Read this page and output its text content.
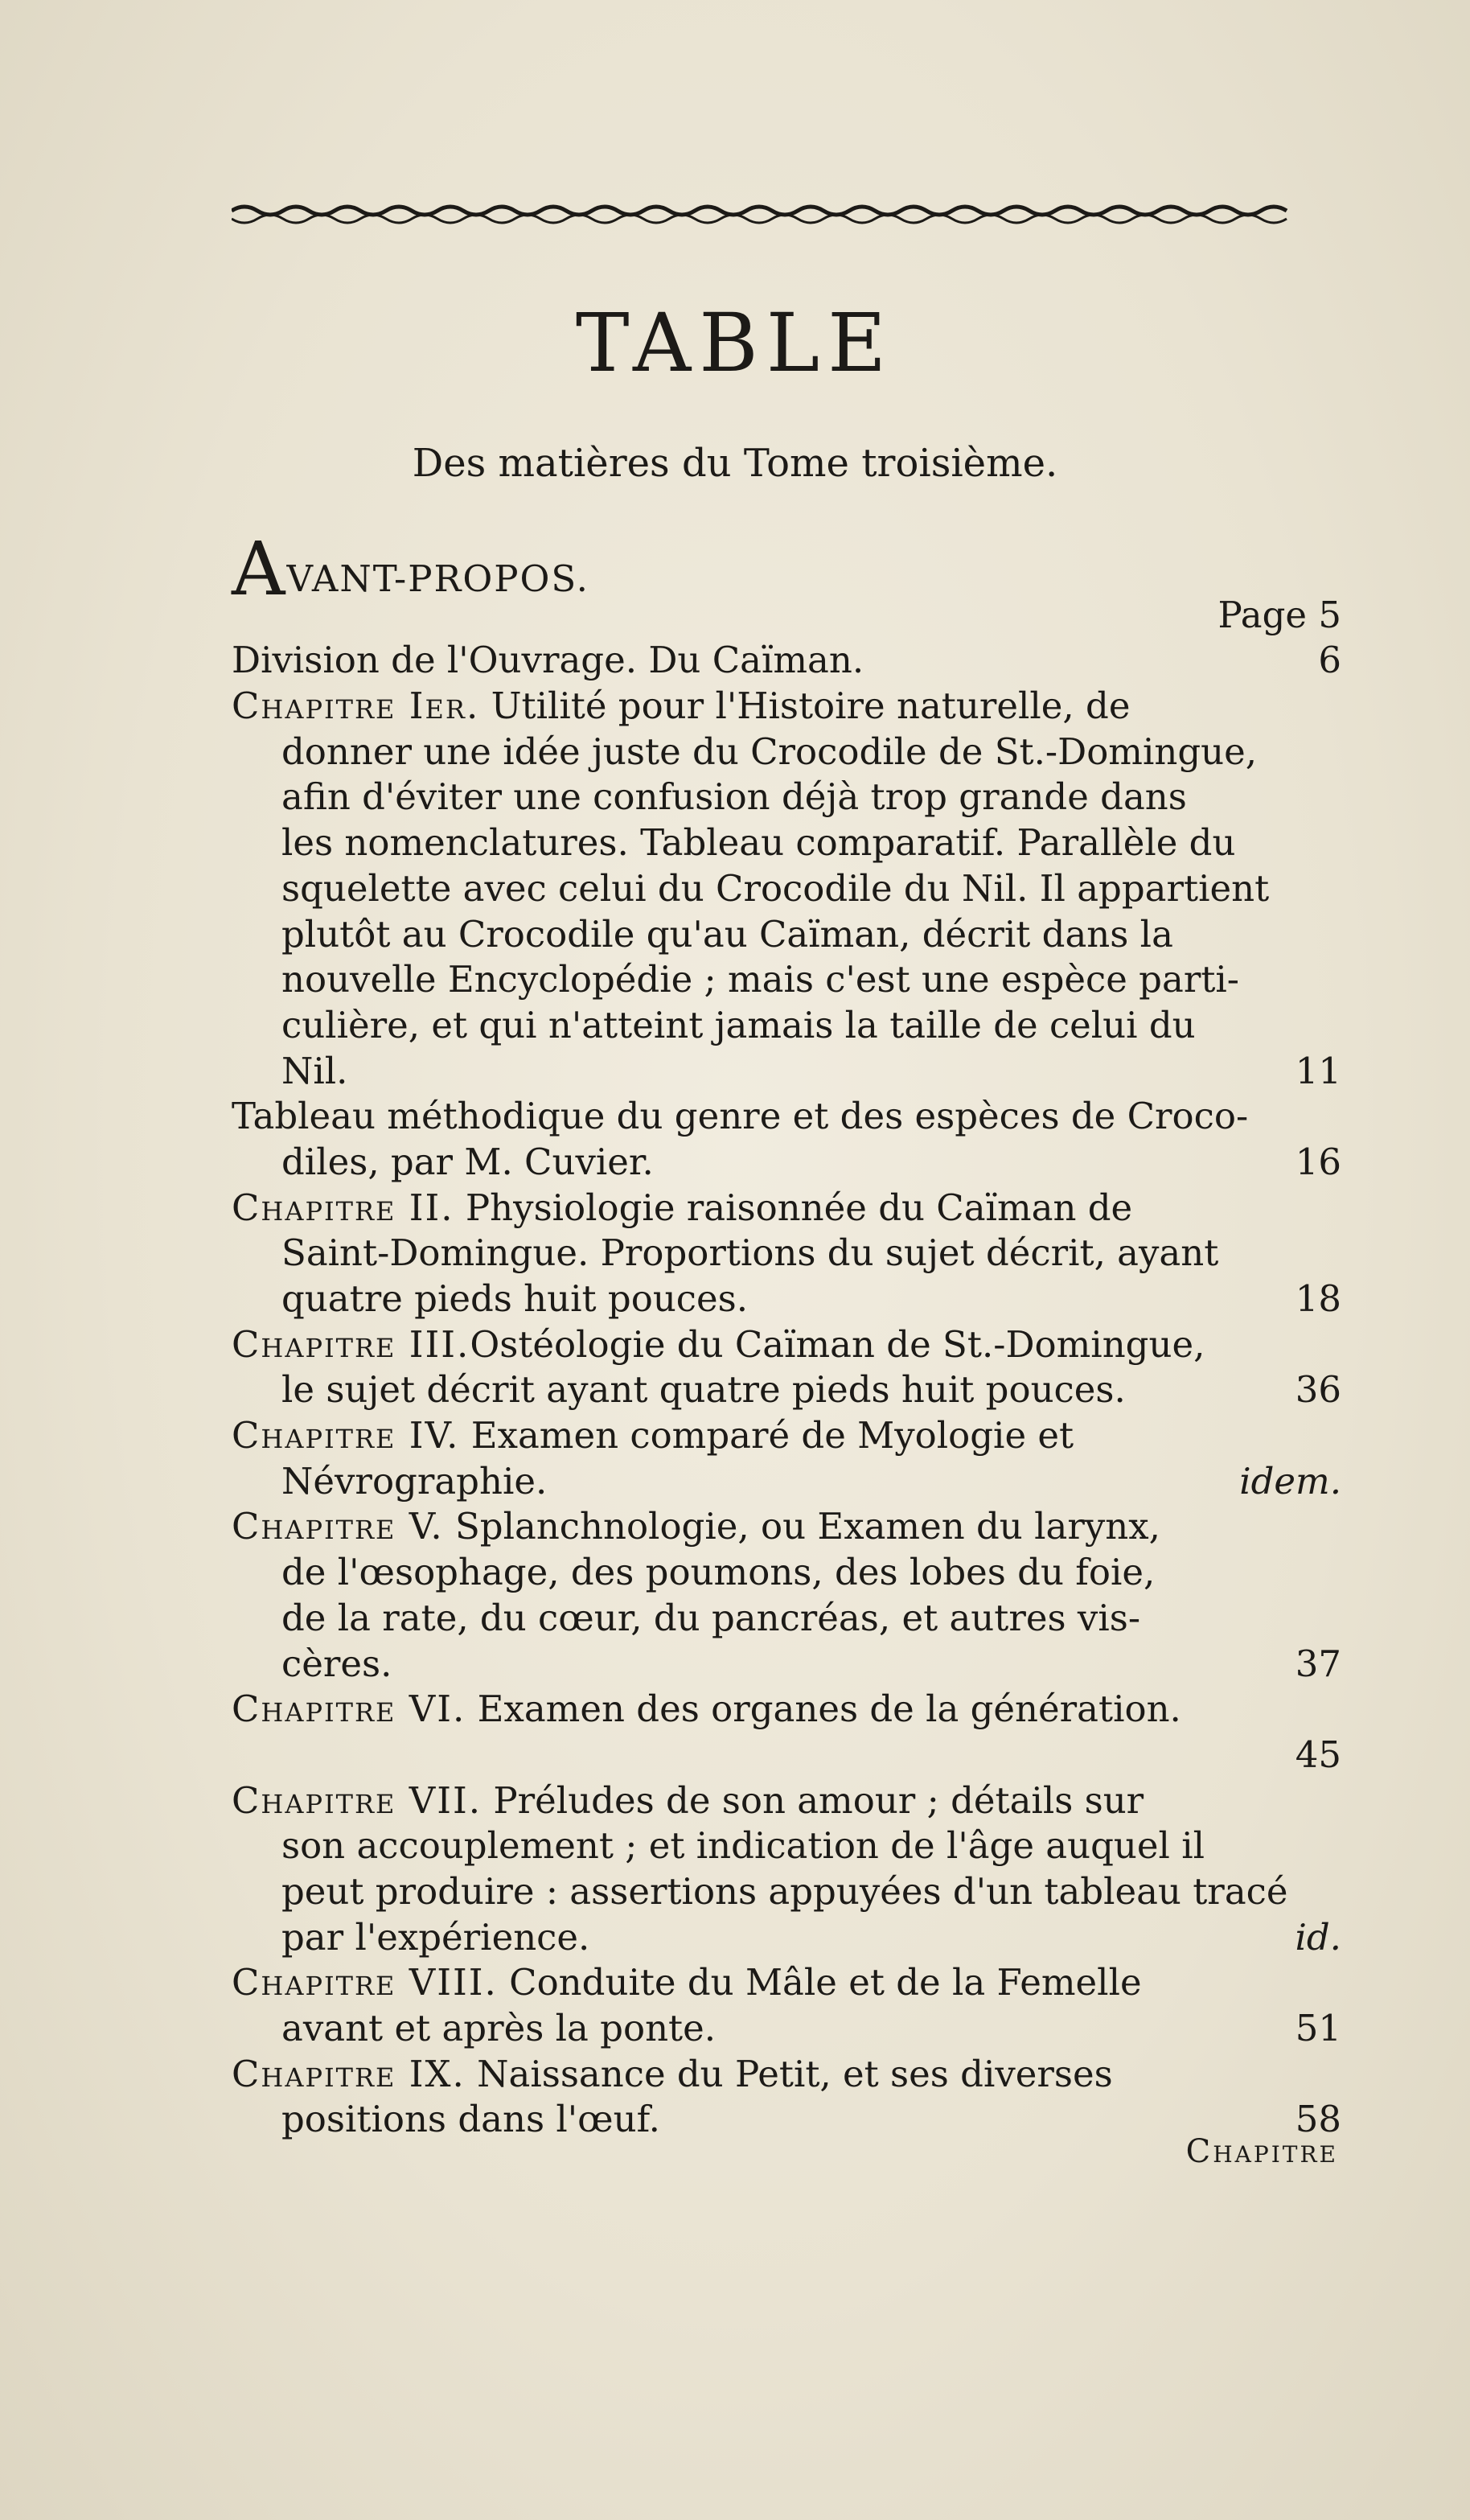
TABLE
Des matières du Tome troisième.
AVANT-PROPOS.
Page 5
Division de l'Ouvrage. Du Caïman.	6
Chapitre Ier. Utilité pour l'Histoire naturelle, de
donner une idée juste du Crocodile de St.-Domingue,
afin d'éviter une confusion déjà trop grande dans
les nomenclatures. Tableau comparatif. Parallèle du
squelette avec celui du Crocodile du Nil. Il appartient
plutôt au Crocodile qu'au Caïman, décrit dans la
nouvelle Encyclopédie ; mais c'est une espèce parti-
culière, et qui n'atteint jamais la taille de celui du
Nil.	11
Tableau méthodique du genre et des espèces de Croco-
diles, par M. Cuvier.	16
Chapitre II. Physiologie raisonnée du Caïman de
Saint-Domingue. Proportions du sujet décrit, ayant
quatre pieds huit pouces.	18
Chapitre III.Ostéologie du Caïman de St.-Domingue,
le sujet décrit ayant quatre pieds huit pouces.	36
Chapitre IV. Examen comparé de Myologie et
Névrographie.	idem.
Chapitre V. Splanchnologie, ou Examen du larynx,
de l'œsophage, des poumons, des lobes du foie,
de la rate, du cœur, du pancréas, et autres vis-
cères.	37
Chapitre VI. Examen des organes de la génération.
45
Chapitre VII. Préludes de son amour ; détails sur
son accouplement ; et indication de l'âge auquel il
peut produire : assertions appuyées d'un tableau tracé
par l'expérience.	id.
Chapitre VIII. Conduite du Mâle et de la Femelle
avant et après la ponte.	51
Chapitre IX. Naissance du Petit, et ses diverses
positions dans l'œuf.	58
Chapitre
